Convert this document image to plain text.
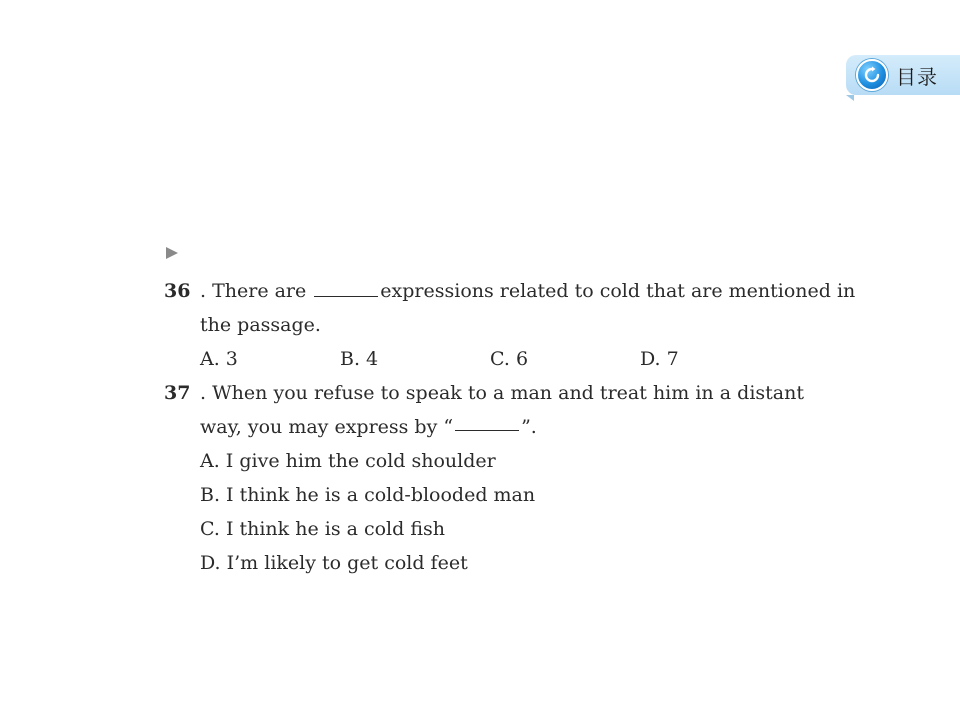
目录
36 . There are	expressions related to cold that are mentioned in
the passage.
A. 3	B. 4	C. 6	D. 7
37 . When you refuse to speak to a man and treat him in a distant
way, you may express by “	”.
A. I give him the cold shoulder
B. I think he is a cold-blooded man
C. I think he is a cold fish
D. I’m likely to get cold feet
